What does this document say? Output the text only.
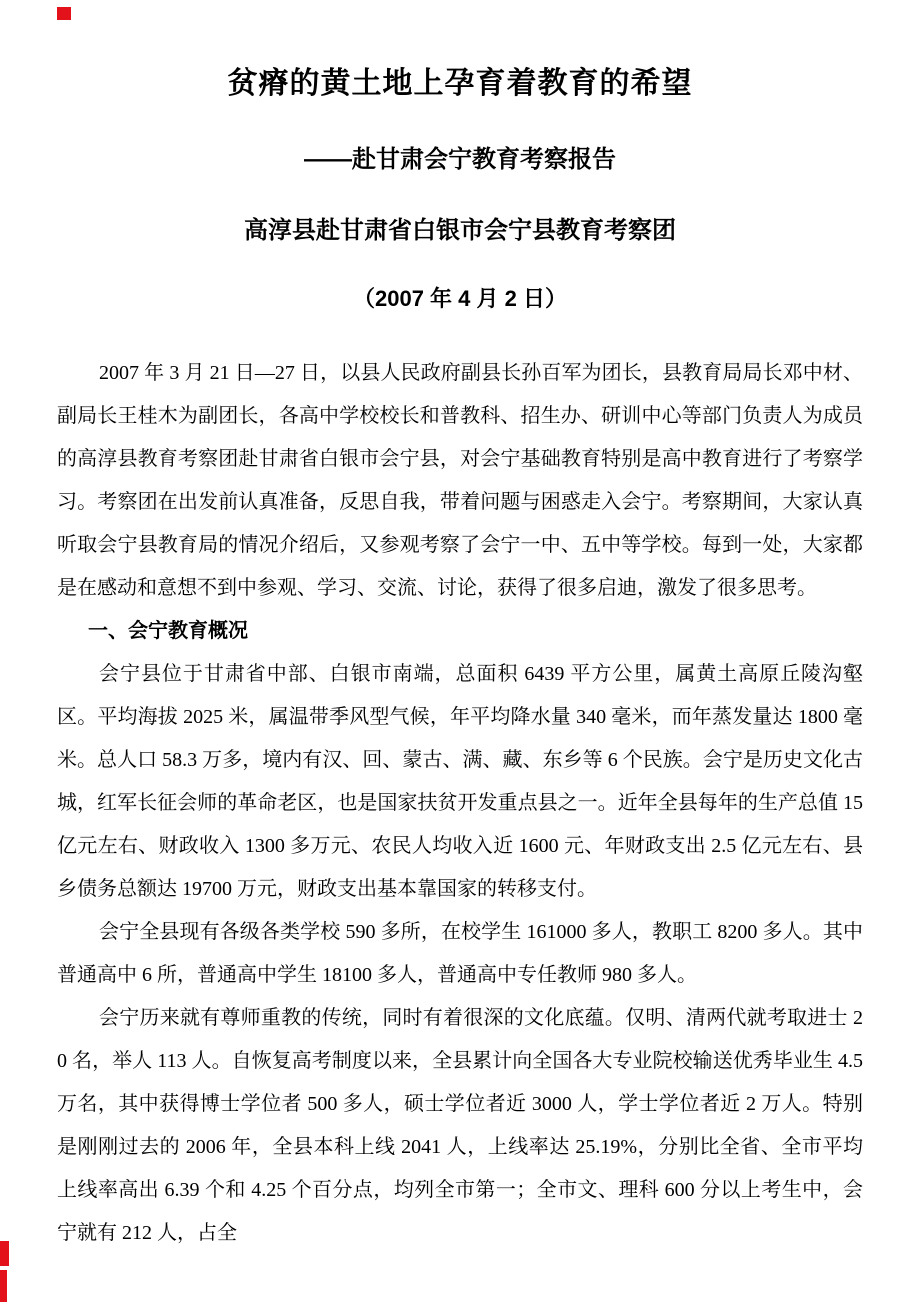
贫瘠的黄土地上孕育着教育的希望
——赴甘肃会宁教育考察报告
高淳县赴甘肃省白银市会宁县教育考察团
（2007 年 4 月 2 日）

2007 年 3 月 21 日—27 日，以县人民政府副县长孙百军为团长，县教育局局长邓中材、副局长王桂木为副团长，各高中学校校长和普教科、招生办、研训中心等部门负责人为成员的高淳县教育考察团赴甘肃省白银市会宁县，对会宁基础教育特别是高中教育进行了考察学习。考察团在出发前认真准备，反思自我，带着问题与困惑走入会宁。考察期间，大家认真听取会宁县教育局的情况介绍后，又参观考察了会宁一中、五中等学校。每到一处，大家都是在感动和意想不到中参观、学习、交流、讨论，获得了很多启迪，激发了很多思考。

一、会宁教育概况

会宁县位于甘肃省中部、白银市南端，总面积 6439 平方公里，属黄土高原丘陵沟壑区。平均海拔 2025 米，属温带季风型气候，年平均降水量 340 毫米，而年蒸发量达 1800 毫米。总人口 58.3 万多，境内有汉、回、蒙古、满、藏、东乡等 6 个民族。会宁是历史文化古城，红军长征会师的革命老区，也是国家扶贫开发重点县之一。近年全县每年的生产总值 15 亿元左右、财政收入 1300 多万元、农民人均收入近 1600 元、年财政支出 2.5 亿元左右、县乡债务总额达 19700 万元，财政支出基本靠国家的转移支付。

会宁全县现有各级各类学校 590 多所，在校学生 161000 多人，教职工 8200 多人。其中普通高中 6 所，普通高中学生 18100 多人，普通高中专任教师 980 多人。

会宁历来就有尊师重教的传统，同时有着很深的文化底蕴。仅明、清两代就考取进士 20 名，举人 113 人。自恢复高考制度以来，全县累计向全国各大专业院校输送优秀毕业生 4.5 万名，其中获得博士学位者 500 多人，硕士学位者近 3000 人，学士学位者近 2 万人。特别是刚刚过去的 2006 年，全县本科上线 2041 人，上线率达 25.19%，分别比全省、全市平均上线率高出 6.39 个和 4.25 个百分点，均列全市第一；全市文、理科 600 分以上考生中，会宁就有 212 人，占全
